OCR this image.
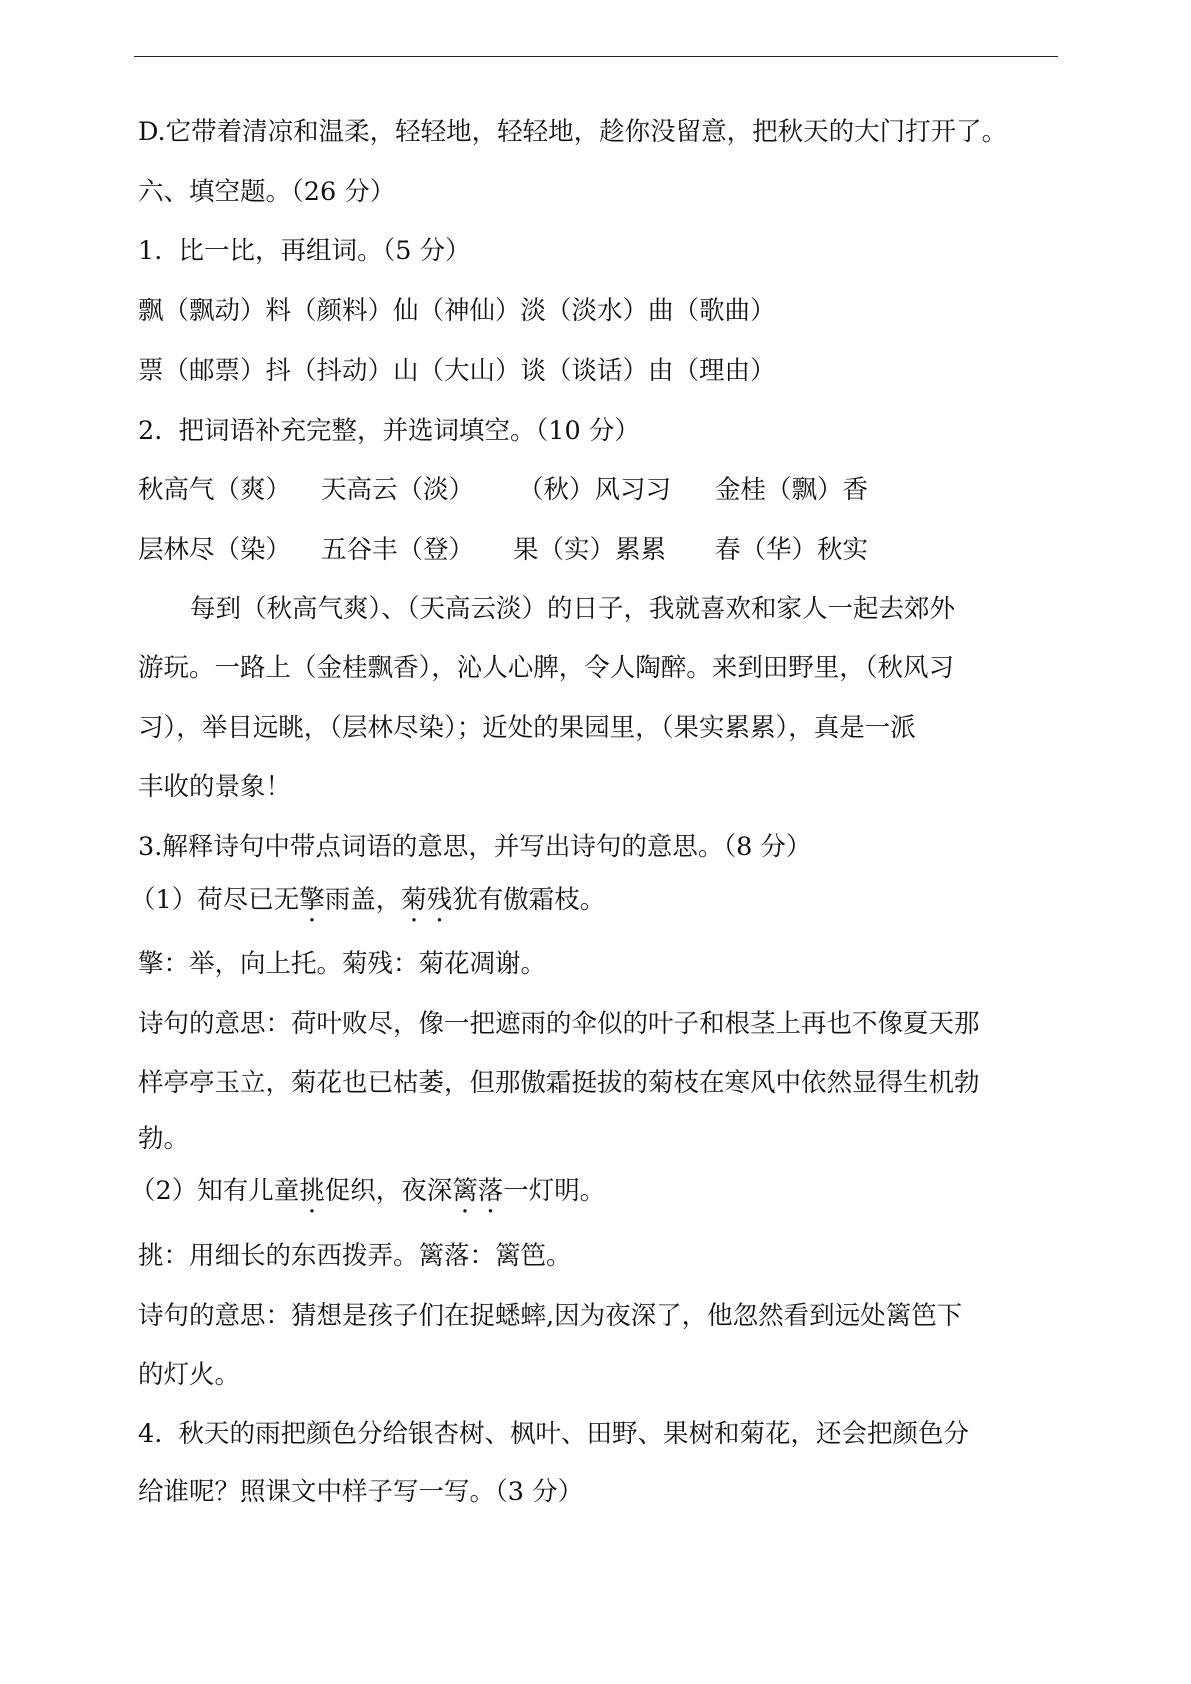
D.它带着清凉和温柔，轻轻地，轻轻地，趁你没留意，把秋天的大门打开了。
六、填空题。（26 分）
1.  比一比，再组词。（5 分）
飘（飘动）料（颜料）仙（神仙）淡（淡水）曲（歌曲）
票（邮票）抖（抖动）山（大山）谈（谈话）由（理由）
2.  把词语补充完整，并选词填空。（10 分）
秋高气（爽） 天高云（淡） （秋）风习习 金桂（飘）香
层林尽（染） 五谷丰（登） 果（实）累累 春（华）秋实
每到（秋高气爽）、（天高云淡）的日子，我就喜欢和家人一起去郊外
游玩。一路上（金桂飘香），沁人心脾，令人陶醉。来到田野里，（秋风习
习），举目远眺，（层林尽染）；近处的果园里，（果实累累），真是一派
丰收的景象！
3.解释诗句中带点词语的意思，并写出诗句的意思。（8 分）
（1）荷尽已无擎雨盖，菊残犹有傲霜枝。
擎：举，向上托。菊残：菊花凋谢。
诗句的意思：荷叶败尽，像一把遮雨的伞似的叶子和根茎上再也不像夏天那
样亭亭玉立，菊花也已枯萎，但那傲霜挺拔的菊枝在寒风中依然显得生机勃
勃。
（2）知有儿童挑促织，夜深篱落一灯明。
挑：用细长的东西拨弄。篱落：篱笆。
诗句的意思：猜想是孩子们在捉蟋蟀,因为夜深了，他忽然看到远处篱笆下
的灯火。
4.  秋天的雨把颜色分给银杏树、枫叶、田野、果树和菊花，还会把颜色分
给谁呢？照课文中样子写一写。（3 分）
